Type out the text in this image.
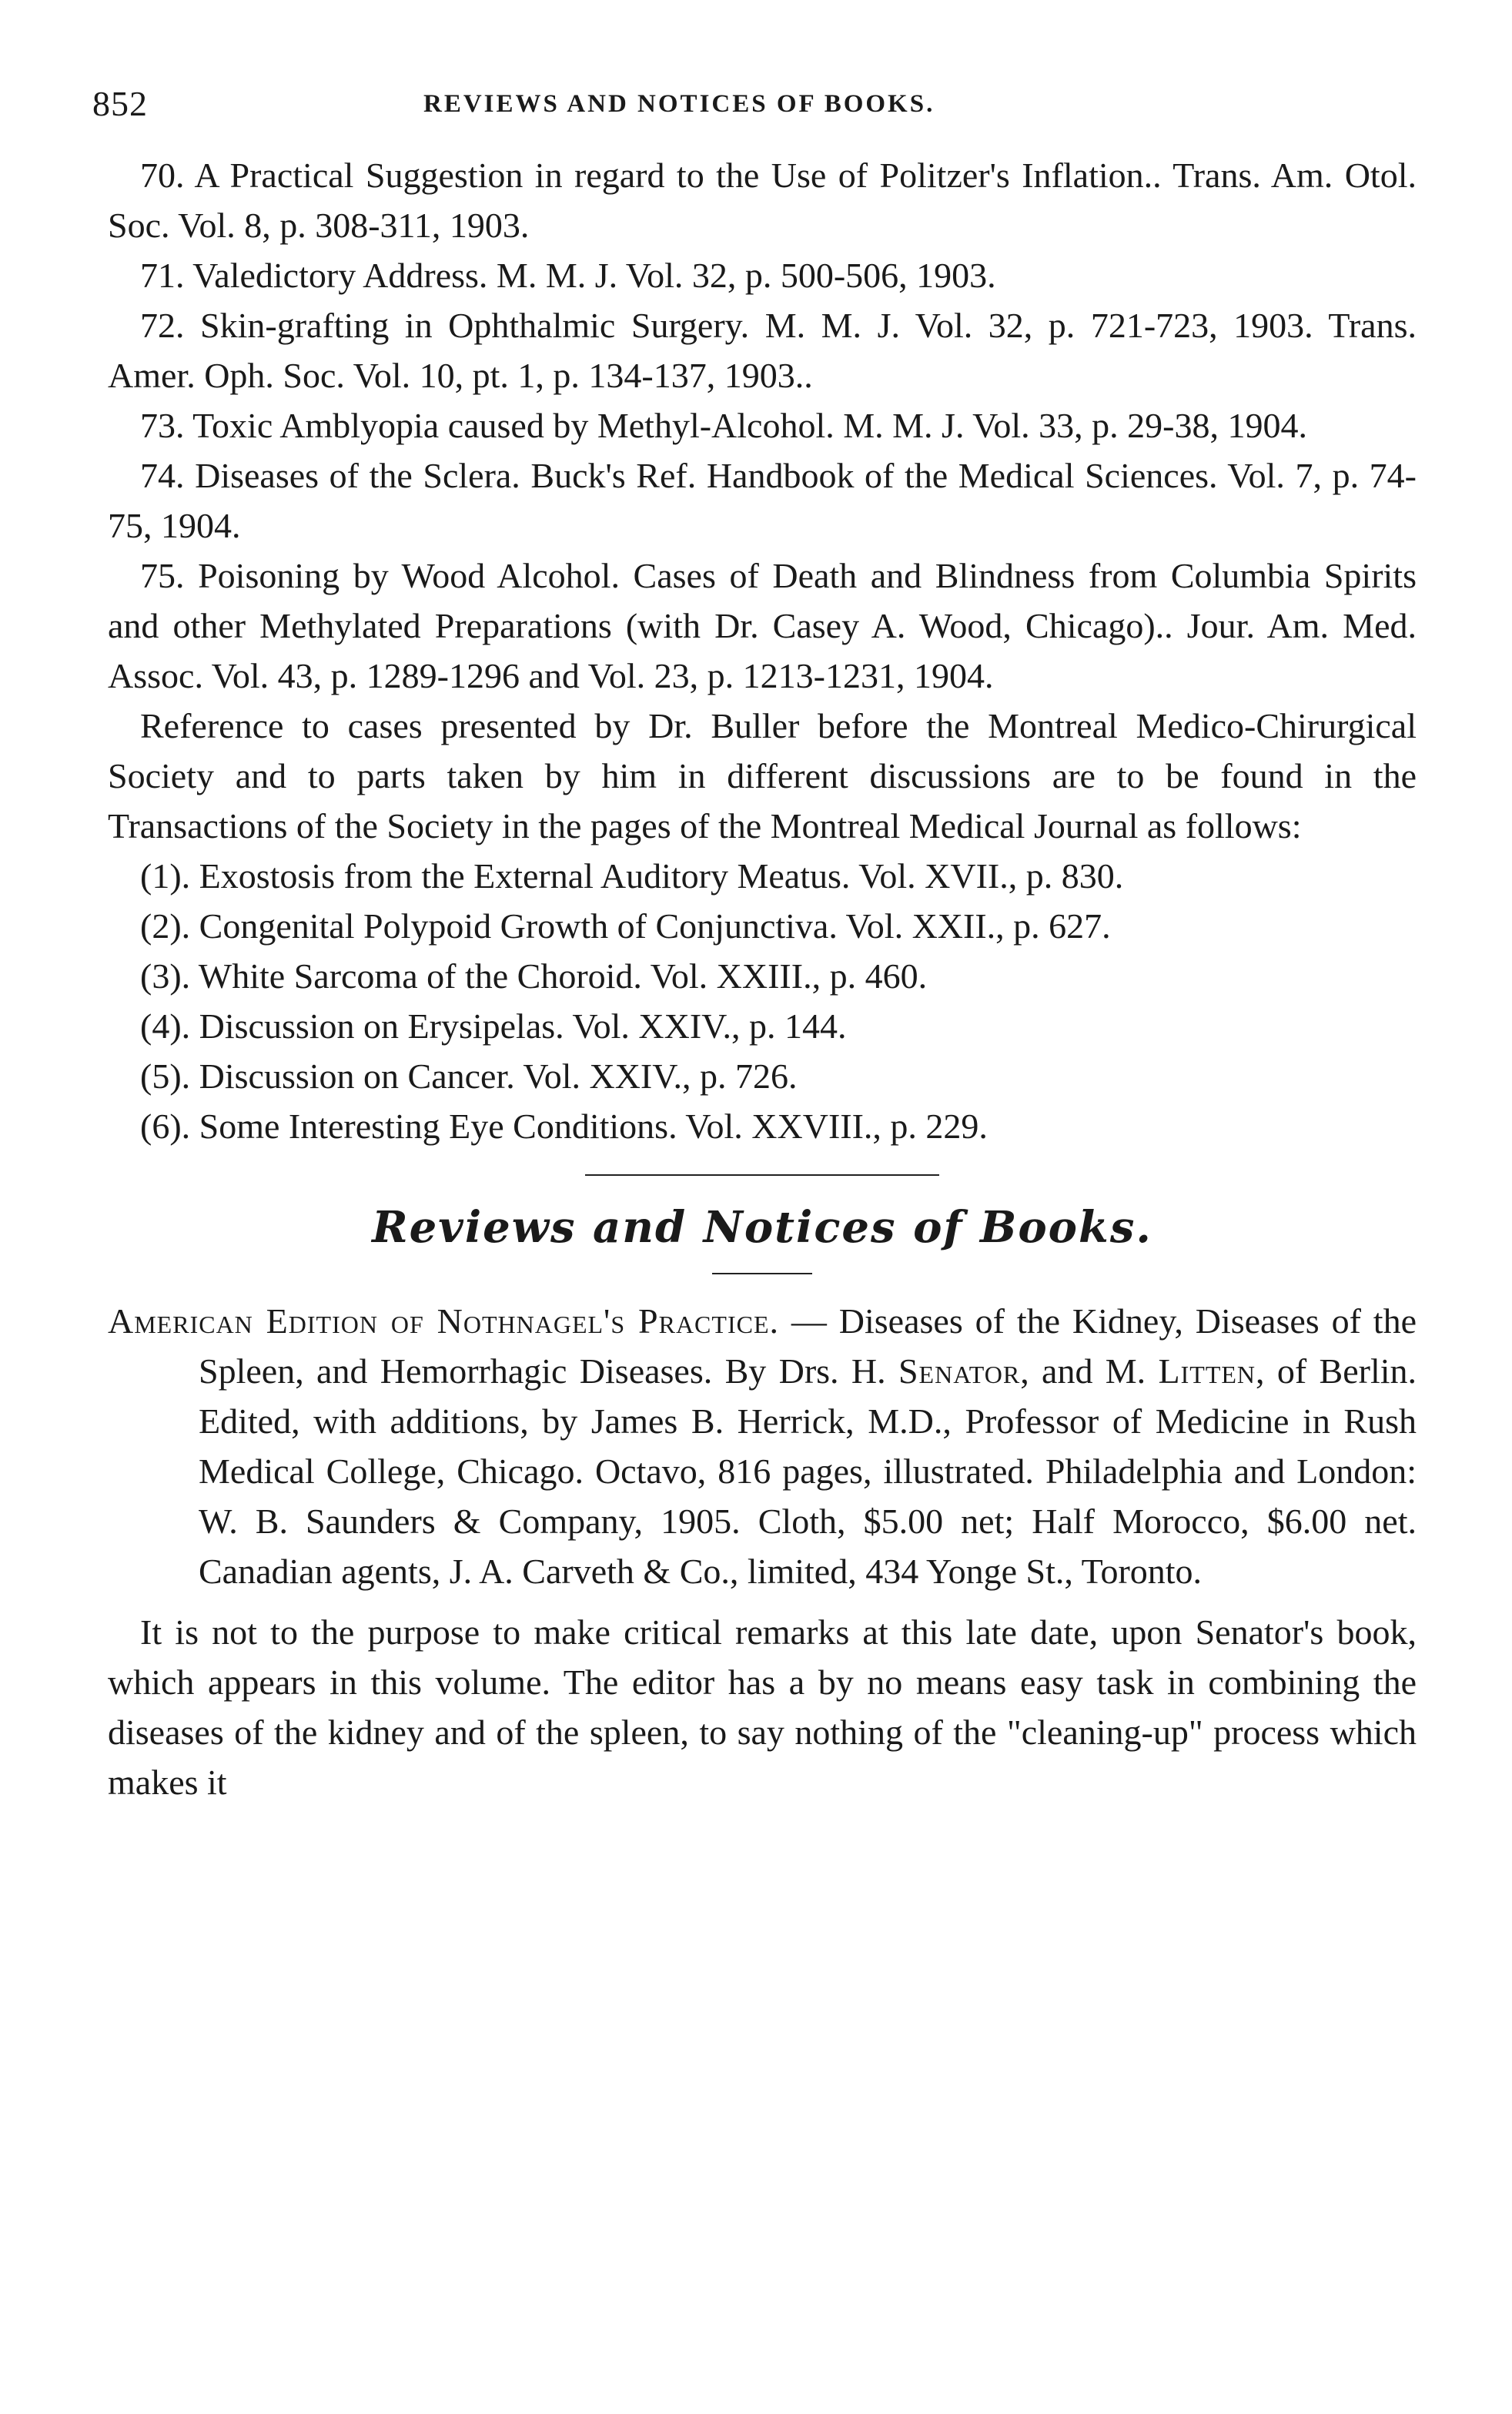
852	REVIEWS AND NOTICES OF BOOKS.

70. A Practical Suggestion in regard to the Use of Politzer's Inflation.. Trans. Am. Otol. Soc. Vol. 8, p. 308-311, 1903.

71. Valedictory Address. M. M. J. Vol. 32, p. 500-506, 1903.

72. Skin-grafting in Ophthalmic Surgery. M. M. J. Vol. 32, p. 721-723, 1903. Trans. Amer. Oph. Soc. Vol. 10, pt. 1, p. 134-137, 1903..

73. Toxic Amblyopia caused by Methyl-Alcohol. M. M. J. Vol. 33, p. 29-38, 1904.

74. Diseases of the Sclera. Buck's Ref. Handbook of the Medical Sciences. Vol. 7, p. 74-75, 1904.

75. Poisoning by Wood Alcohol. Cases of Death and Blindness from Columbia Spirits and other Methylated Preparations (with Dr. Casey A. Wood, Chicago).. Jour. Am. Med. Assoc. Vol. 43, p. 1289-1296 and Vol. 23, p. 1213-1231, 1904.

Reference to cases presented by Dr. Buller before the Montreal Medico-Chirurgical Society and to parts taken by him in different discussions are to be found in the Transactions of the Society in the pages of the Montreal Medical Journal as follows:

(1). Exostosis from the External Auditory Meatus. Vol. XVII., p. 830.

(2). Congenital Polypoid Growth of Conjunctiva. Vol. XXII., p. 627.

(3). White Sarcoma of the Choroid. Vol. XXIII., p. 460.

(4). Discussion on Erysipelas. Vol. XXIV., p. 144.

(5). Discussion on Cancer. Vol. XXIV., p. 726.

(6). Some Interesting Eye Conditions. Vol. XXVIII., p. 229.

Reviews and Notices of Books.

American Edition of Nothnagel's Practice. — Diseases of the Kidney, Diseases of the Spleen, and Hemorrhagic Diseases. By Drs. H. Senator, and M. Litten, of Berlin. Edited, with additions, by James B. Herrick, M.D., Professor of Medicine in Rush Medical College, Chicago. Octavo, 816 pages, illustrated. Philadelphia and London: W. B. Saunders & Company, 1905. Cloth, $5.00 net; Half Morocco, $6.00 net. Canadian agents, J. A. Carveth & Co., limited, 434 Yonge St., Toronto.

It is not to the purpose to make critical remarks at this late date, upon Senator's book, which appears in this volume. The editor has a by no means easy task in combining the diseases of the kidney and of the spleen, to say nothing of the "cleaning-up" process which makes it
